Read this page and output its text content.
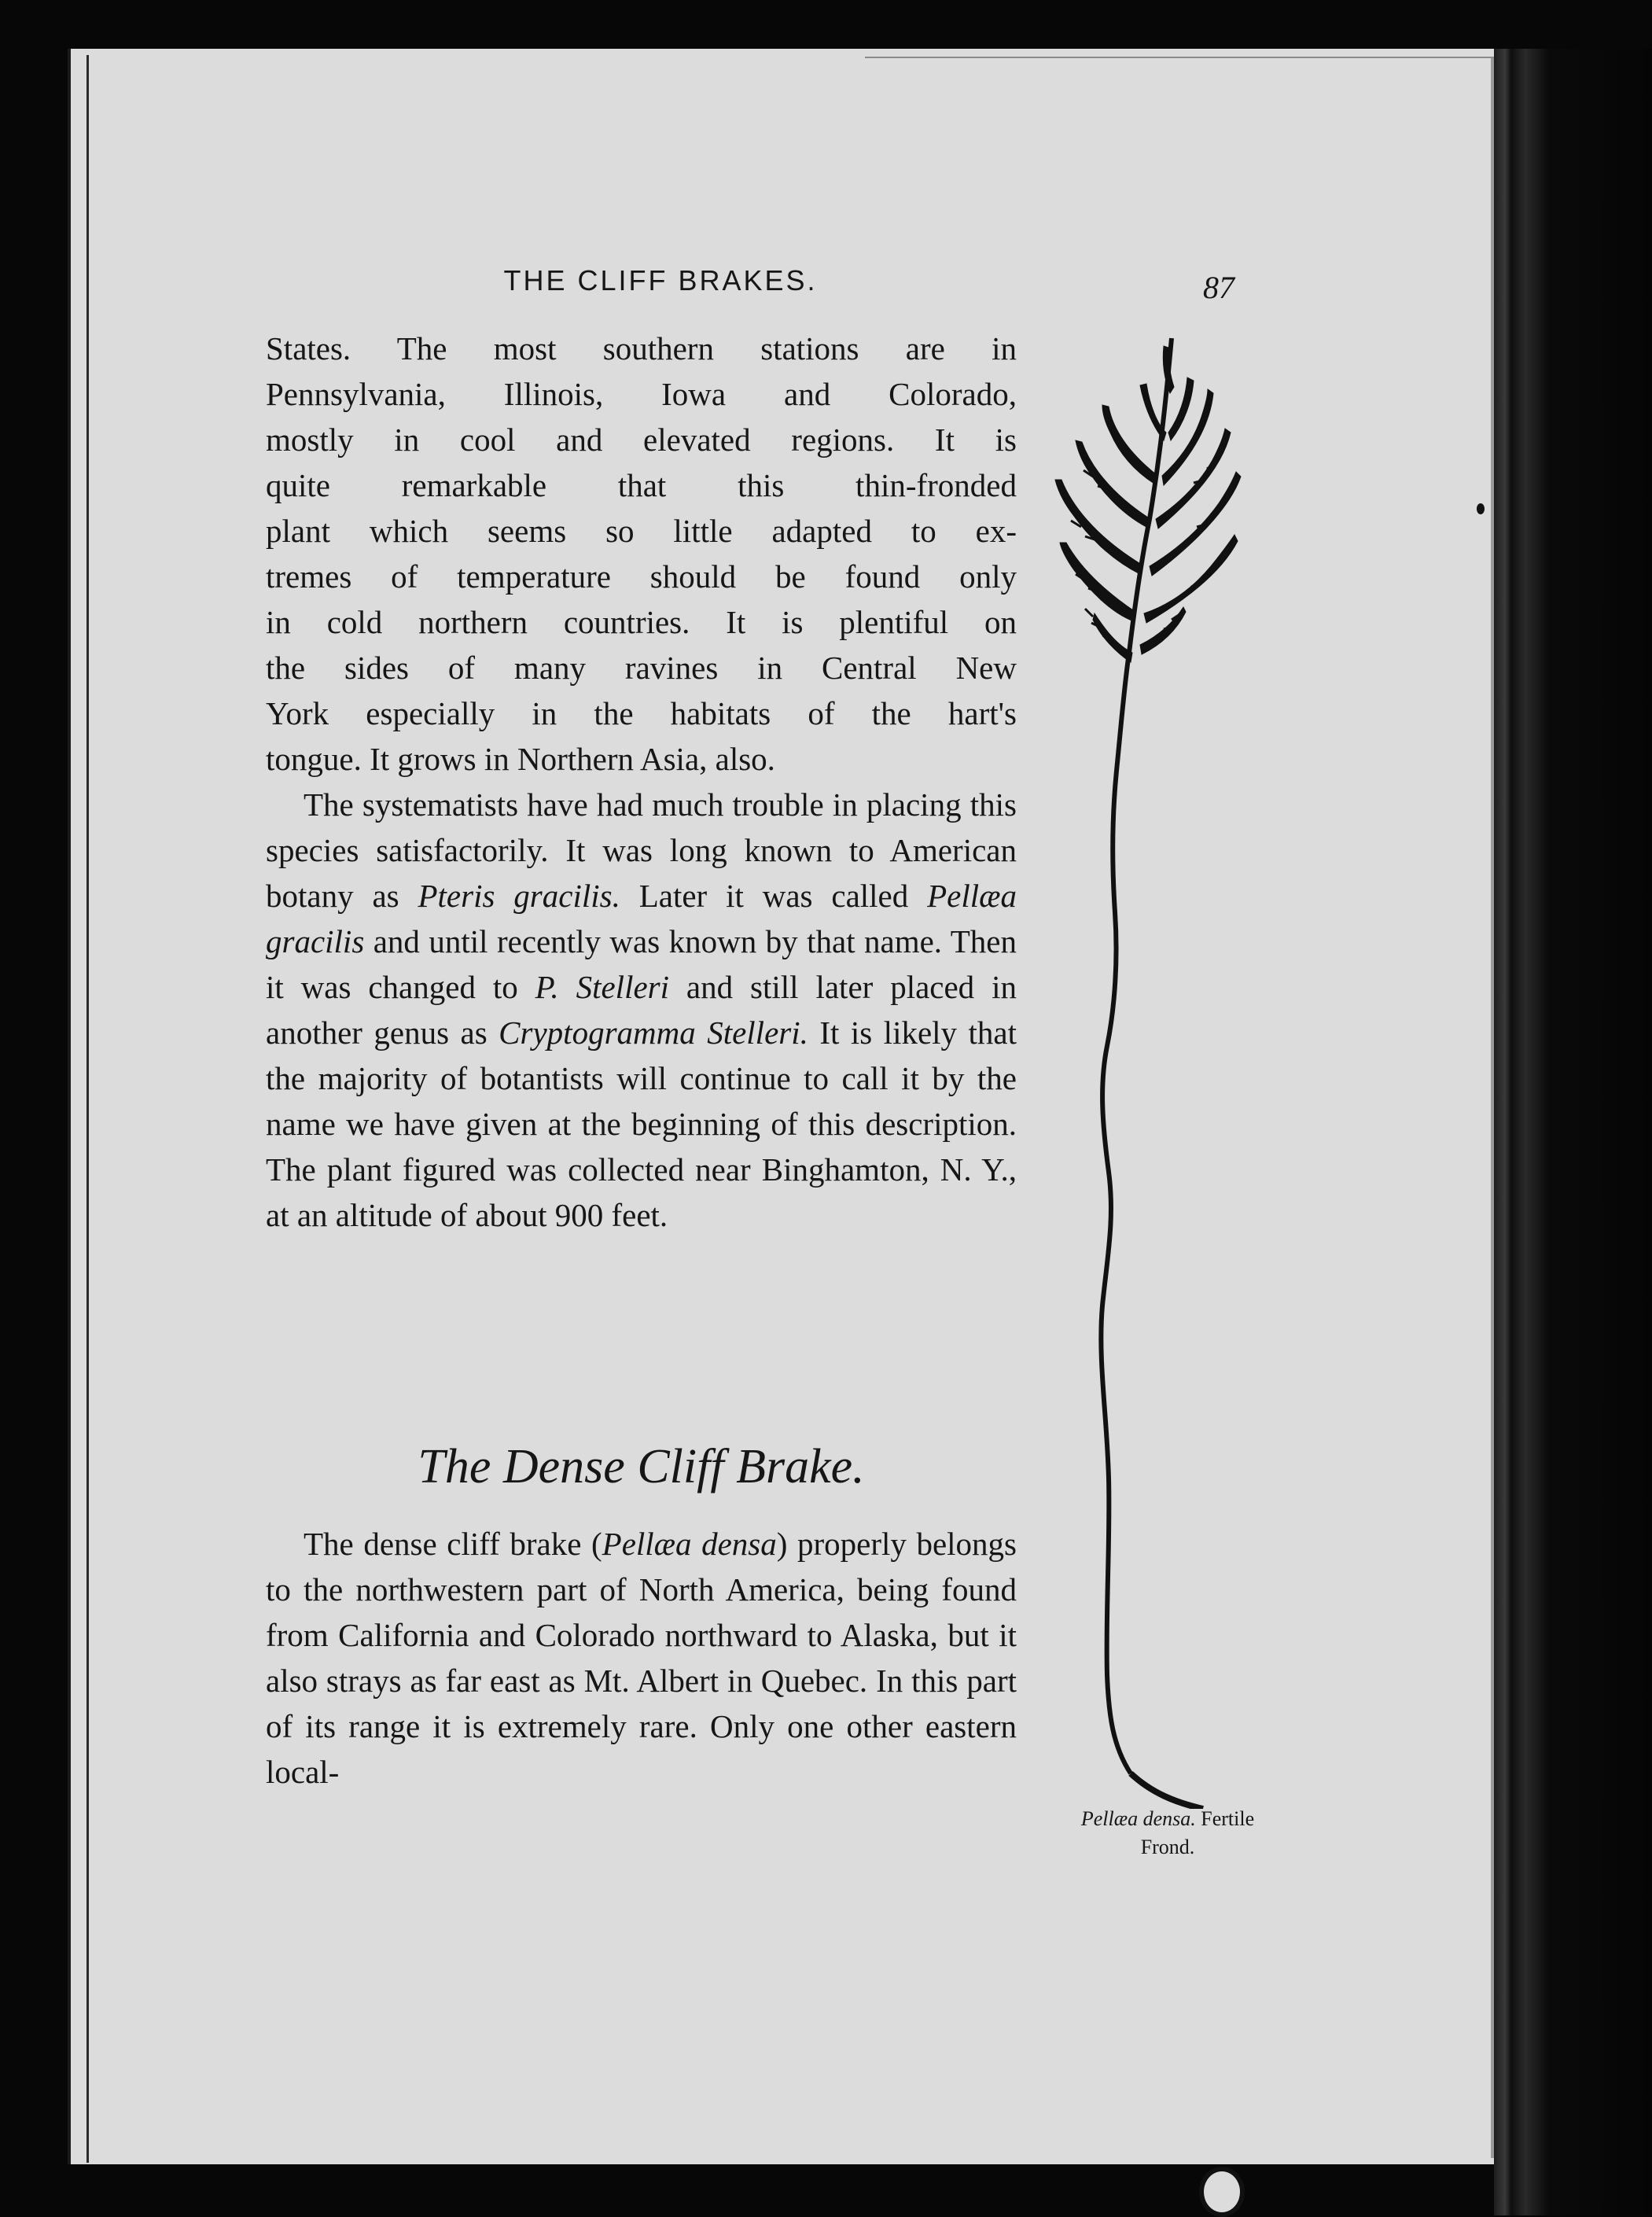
THE CLIFF BRAKES.	87

States. The most southern stations are in

Pennsylvania, Illinois, Iowa and Colorado,

mostly in cool and elevated regions. It is

quite remarkable that this thin-fronded

plant which seems so little adapted to ex-

tremes of temperature should be found only

in cold northern countries. It is plentiful on

the sides of many ravines in Central New

York especially in the habitats of the hart's

tongue. It grows in Northern Asia, also.

The systematists have had much trouble in placing this species satisfactorily. It was long known to American botany as Pteris gracilis. Later it was called Pellæa gracilis and until recently was known by that name. Then it was changed to P. Stelleri and still later placed in another genus as Cryptogramma Stelleri. It is likely that the majority of botantists will continue to call it by the name we have given at the beginning of this description. The plant figured was collected near Binghamton, N. Y., at an altitude of about 900 feet.

The Dense Cliff Brake.

The dense cliff brake (Pellæa densa) properly belongs to the northwestern part of North America, being found from California and Colorado northward to Alaska, but it also strays as far east as Mt. Albert in Quebec. In this part of its range it is extremely rare. Only one other eastern local-

Pellæa densa. Fertile
Frond.
